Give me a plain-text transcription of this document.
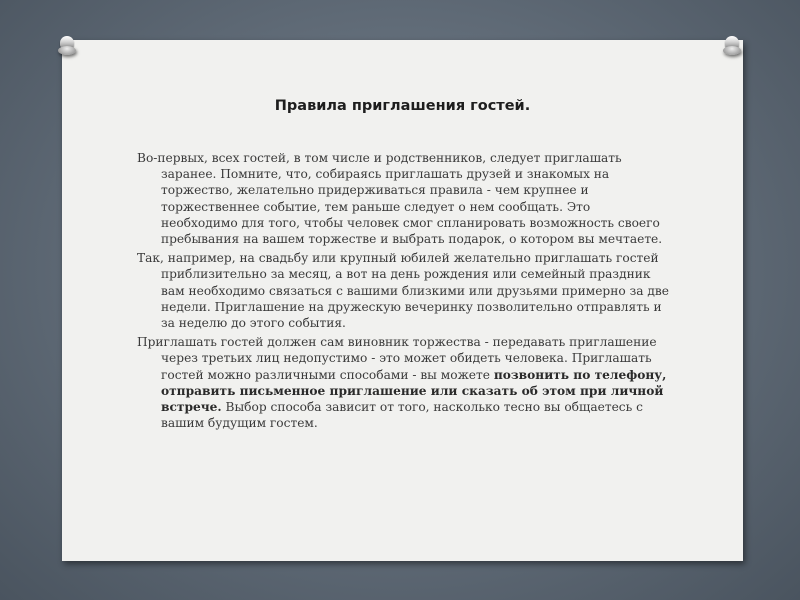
Правила приглашения гостей.

Во-первых, всех гостей, в том числе и родственников, следует приглашать заранее. Помните, что, собираясь приглашать друзей и знакомых на торжество, желательно придерживаться правила - чем крупнее и торжественнее событие, тем раньше следует о нем сообщать. Это необходимо для того, чтобы человек смог спланировать возможность своего пребывания на вашем торжестве и выбрать подарок, о котором вы мечтаете.

Так, например, на свадьбу или крупный юбилей желательно приглашать гостей приблизительно за месяц, а вот на день рождения или семейный праздник вам необходимо связаться с вашими близкими или друзьями примерно за две недели. Приглашение на дружескую вечеринку позволительно отправлять и за неделю до этого события.

Приглашать гостей должен сам виновник торжества - передавать приглашение через третьих лиц недопустимо - это может обидеть человека. Приглашать гостей можно различными способами - вы можете позвонить по телефону, отправить письменное приглашение или сказать об этом при личной встрече. Выбор способа зависит от того, насколько тесно вы общаетесь с вашим будущим гостем.
